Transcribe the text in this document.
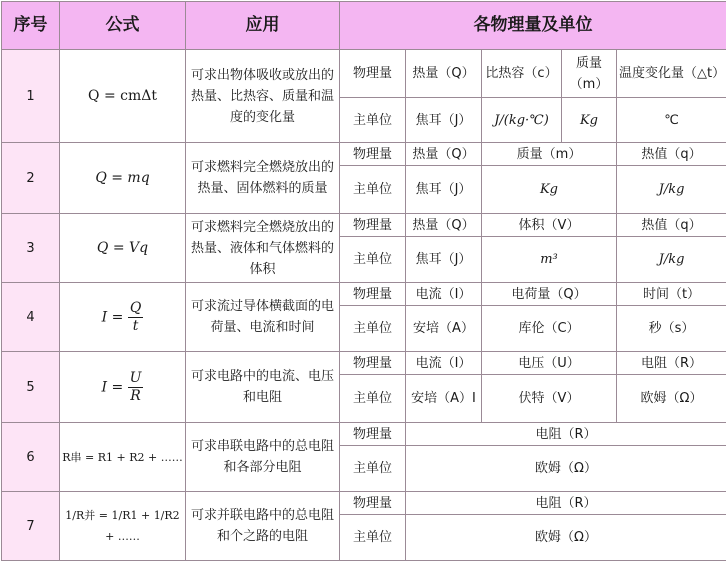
序号	公式	应用	各物理量及单位				
1	Q = cmΔt	可求出物体吸收或放出的热量、比热容、质量和温度的变化量	物理量	热量（Q）	比热容（c）	质量（m）	温度变化量（△t）
			主单位	焦耳（J）	J/(kg·℃)	Kg	℃
2	Q = mq	可求燃料完全燃烧放出的热量、固体燃料的质量	物理量	热量（Q）	质量（m）		热值（q）
			主单位	焦耳（J）	Kg		J/kg
3	Q = Vq	可求燃料完全燃烧放出的热量、液体和气体燃料的体积	物理量	热量（Q）	体积（V）		热值（q）
			主单位	焦耳（J）	m³		J/kg
4	$I = \frac{Q}{t}$	可求流过导体横截面的电荷量、电流和时间	物理量	电流（I）	电荷量（Q）		时间（t）
			主单位	安培（A）	库伦（C）		秒（s）
5	$I = \frac{U}{R}$	可求电路中的电流、电压和电阻	物理量	电流（I）	电压（U）		电阻（R）
			主单位	安培（A）I	伏特（V）		欧姆（Ω）
6	R串 = R1 + R2 + ……	可求串联电路中的总电阻和各部分电阻	物理量	电阻（R）			
			主单位	欧姆（Ω）			
7	1/R并 = 1/R1 + 1/R2 + ……	可求并联电路中的总电阻和个之路的电阻	物理量	电阻（R）			
			主单位	欧姆（Ω）			
